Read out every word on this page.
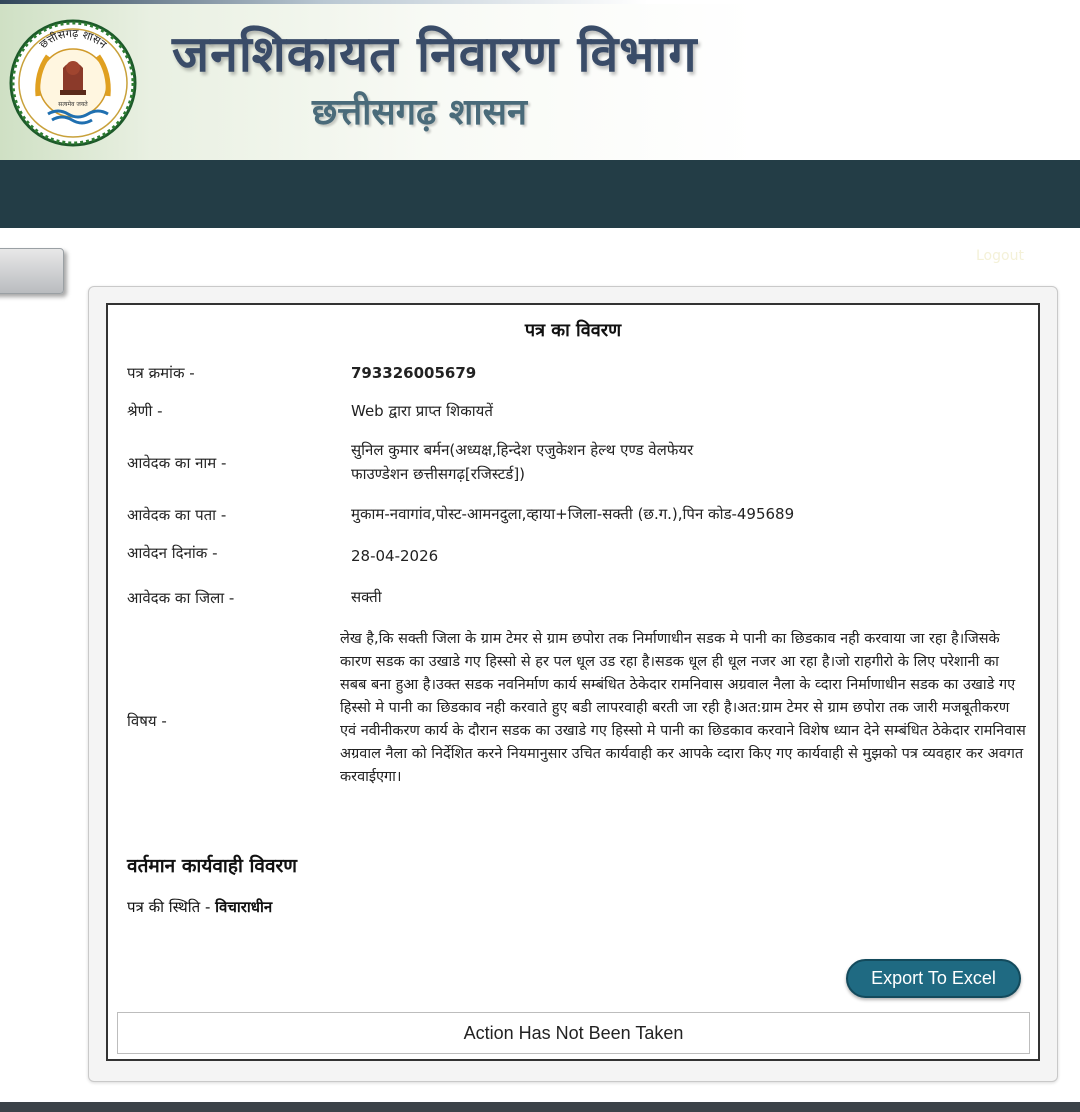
छत्तीसगढ़ शासन
सत्यमेव जयते
जनशिकायत निवारण विभाग
छत्तीसगढ़ शासन
Logout
पत्र का विवरण
पत्र क्रमांक -	793326005679
श्रेणी -	Web द्वारा प्राप्त शिकायतें
आवेदक का नाम -
सुनिल कुमार बर्मन(अध्यक्ष,हिन्देश एजुकेशन हेल्थ एण्ड वेलफेयर
फाउण्डेशन छत्तीसगढ़[रजिस्टर्ड])
आवेदक का पता -	मुकाम-नवागांव,पोस्ट-आमनदुला,व्हाया+जिला-सक्ती (छ.ग.),पिन कोड-495689
आवेदन दिनांक -	28-04-2026
आवेदक का जिला -	सक्ती
विषय -
लेख है,कि सक्ती जिला के ग्राम टेमर से ग्राम छपोरा तक निर्माणाधीन सडक मे पानी का छिडकाव नही करवाया जा रहा है।जिसके कारण सडक का उखाडे गए हिस्सो से हर पल धूल उड रहा है।सडक धूल ही धूल नजर आ रहा है।जो राहगीरो के लिए परेशानी का सबब बना हुआ है।उक्त सडक नवनिर्माण कार्य सम्बंधित ठेकेदार रामनिवास अग्रवाल नैला के व्दारा निर्माणाधीन सडक का उखाडे गए हिस्सो मे पानी का छिडकाव नही करवाते हुए बडी लापरवाही बरती जा रही है।अत:ग्राम टेमर से ग्राम छपोरा तक जारी मजबूतीकरण एवं नवीनीकरण कार्य के दौरान सडक का उखाडे गए हिस्सो मे पानी का छिडकाव करवाने विशेष ध्यान देने सम्बंधित ठेकेदार रामनिवास अग्रवाल नैला को निर्देशित करने नियमानुसार उचित कार्यवाही कर आपके व्दारा किए गए कार्यवाही से मुझको पत्र व्यवहार कर अवगत करवाईएगा।
वर्तमान कार्यवाही विवरण
पत्र की स्थिति - विचाराधीन
Export To Excel
Action Has Not Been Taken
